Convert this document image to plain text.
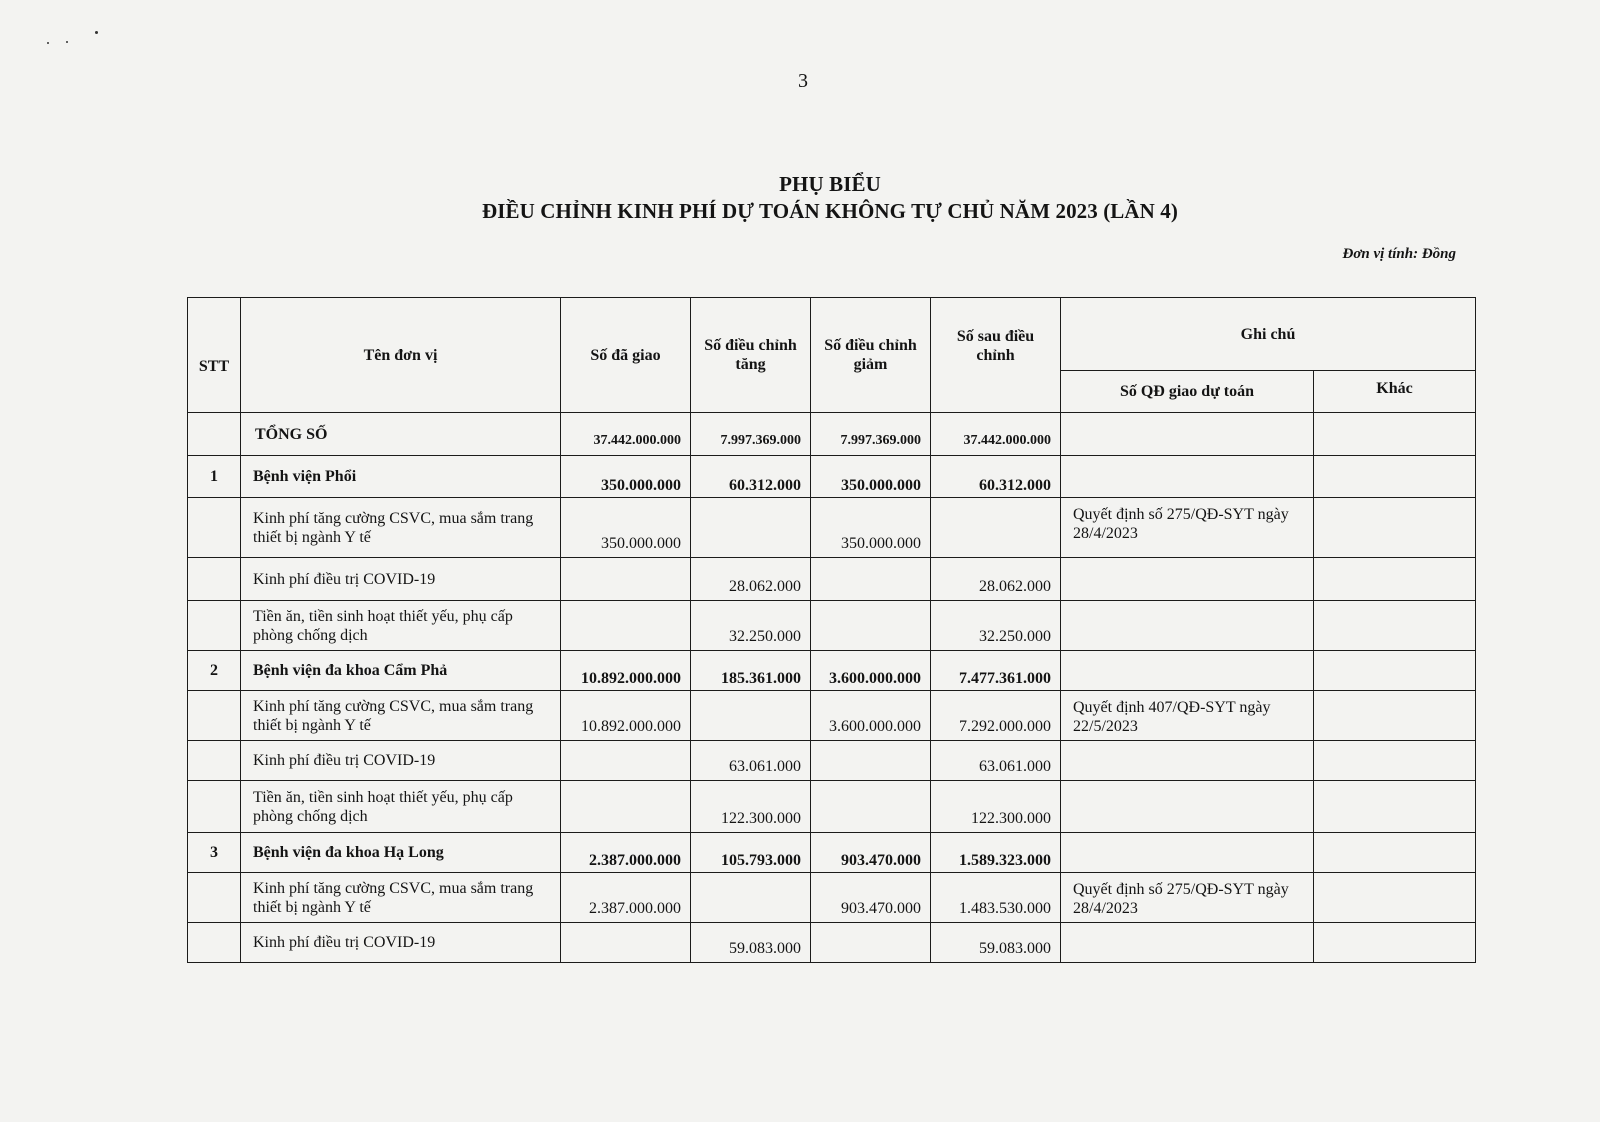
3
PHỤ BIỂU
ĐIỀU CHỈNH KINH PHÍ DỰ TOÁN KHÔNG TỰ CHỦ NĂM 2023 (LẦN 4)
Đơn vị tính: Đồng
STT	Tên đơn vị	Số đã giao	Số điều chỉnh tăng	Số điều chỉnh giảm	Số sau điều chỉnh	Ghi chú	
						Số QĐ giao dự toán	Khác
	TỔNG SỐ	37.442.000.000	7.997.369.000	7.997.369.000	37.442.000.000		
1	Bệnh viện Phổi	350.000.000	60.312.000	350.000.000	60.312.000		
	Kinh phí tăng cường CSVC, mua sắm trang thiết bị ngành Y tế	350.000.000		350.000.000		Quyết định số 275/QĐ-SYT ngày 28/4/2023	
	Kinh phí điều trị COVID-19		28.062.000		28.062.000		
	Tiền ăn, tiền sinh hoạt thiết yếu, phụ cấp phòng chống dịch		32.250.000		32.250.000		
2	Bệnh viện đa khoa Cẩm Phả	10.892.000.000	185.361.000	3.600.000.000	7.477.361.000		
	Kinh phí tăng cường CSVC, mua sắm trang thiết bị ngành Y tế	10.892.000.000		3.600.000.000	7.292.000.000	Quyết định 407/QĐ-SYT ngày 22/5/2023	
	Kinh phí điều trị COVID-19		63.061.000		63.061.000		
	Tiền ăn, tiền sinh hoạt thiết yếu, phụ cấp phòng chống dịch		122.300.000		122.300.000		
3	Bệnh viện đa khoa Hạ Long	2.387.000.000	105.793.000	903.470.000	1.589.323.000		
	Kinh phí tăng cường CSVC, mua sắm trang thiết bị ngành Y tế	2.387.000.000		903.470.000	1.483.530.000	Quyết định số 275/QĐ-SYT ngày 28/4/2023	
	Kinh phí điều trị COVID-19		59.083.000		59.083.000		
